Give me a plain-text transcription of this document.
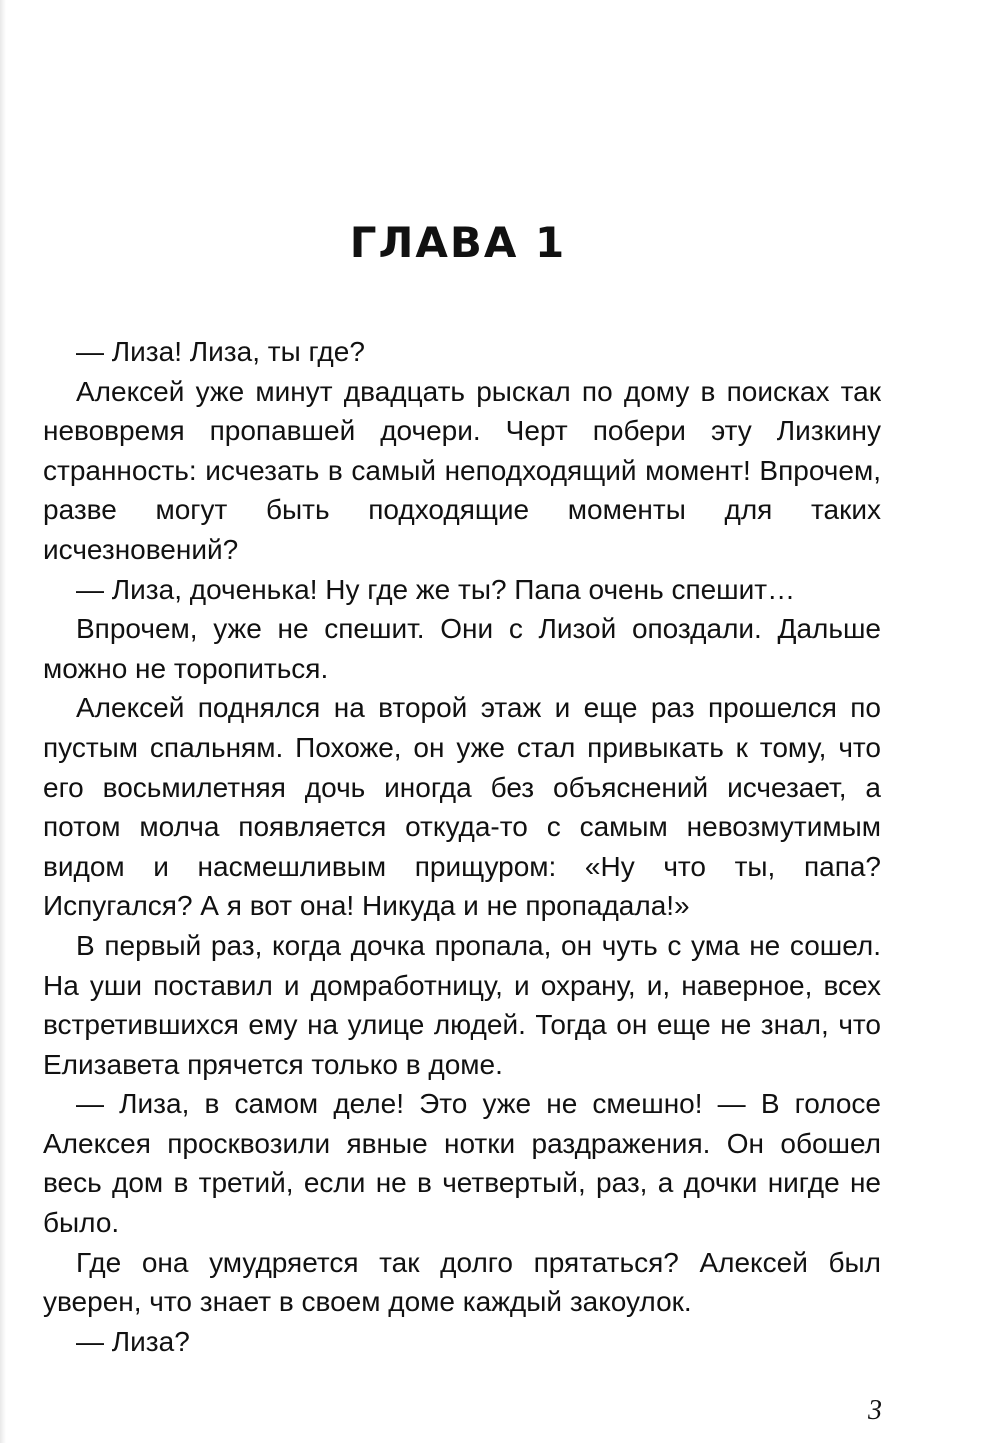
ГЛАВА 1

— Лиза! Лиза, ты где?

Алексей уже минут двадцать рыскал по дому в поисках так невовремя пропавшей дочери. Черт побери эту Лизкину странность: исчезать в самый неподходящий момент! Впрочем, разве могут быть подходящие моменты для таких исчезновений?

— Лиза, доченька! Ну где же ты? Папа очень спешит…

Впрочем, уже не спешит. Они с Лизой опоздали. Дальше можно не торопиться.

Алексей поднялся на второй этаж и еще раз прошелся по пустым спальням. Похоже, он уже стал привыкать к тому, что его восьмилетняя дочь иногда без объяснений исчезает, а потом молча появляется откуда-то с самым невозмутимым видом и насмешливым прищуром: «Ну что ты, папа? Испугался? А я вот она! Никуда и не пропадала!»

В первый раз, когда дочка пропала, он чуть с ума не сошел. На уши поставил и домработницу, и охрану, и, наверное, всех встретившихся ему на улице людей. Тогда он еще не знал, что Елизавета прячется только в доме.

— Лиза, в самом деле! Это уже не смешно! — В голосе Алексея просквозили явные нотки раздражения. Он обошел весь дом в третий, если не в четвертый, раз, а дочки нигде не было.

Где она умудряется так долго прятаться? Алексей был уверен, что знает в своем доме каждый закоулок.

— Лиза?

3
